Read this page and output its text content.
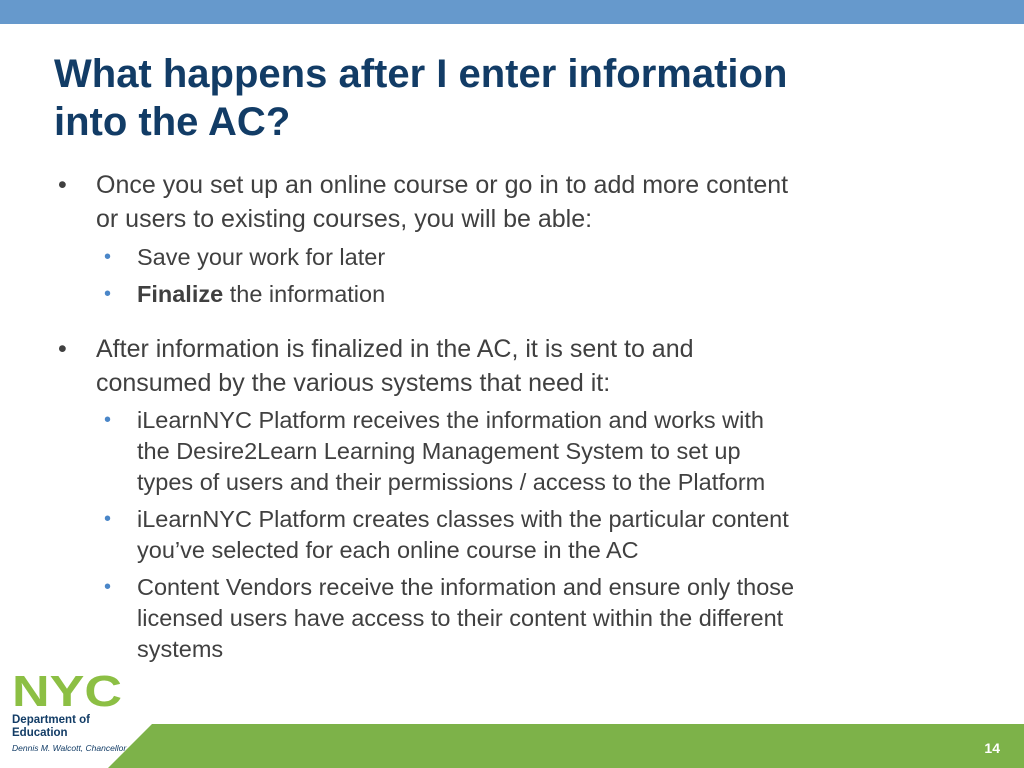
What happens after I enter information
into the AC?
• Once you set up an online course or go in to add more content
or users to existing courses, you will be able:
• Save your work for later
• Finalize the information
• After information is finalized in the AC, it is sent to and
consumed by the various systems that need it:
• iLearnNYC Platform receives the information and works with
the Desire2Learn Learning Management System to set up
types of users and their permissions / access to the Platform
• iLearnNYC Platform creates classes with the particular content
you’ve selected for each online course in the AC
• Content Vendors receive the information and ensure only those
licensed users have access to their content within the different
systems
14
NYC
Department of
Education
Dennis M. Walcott, Chancellor
